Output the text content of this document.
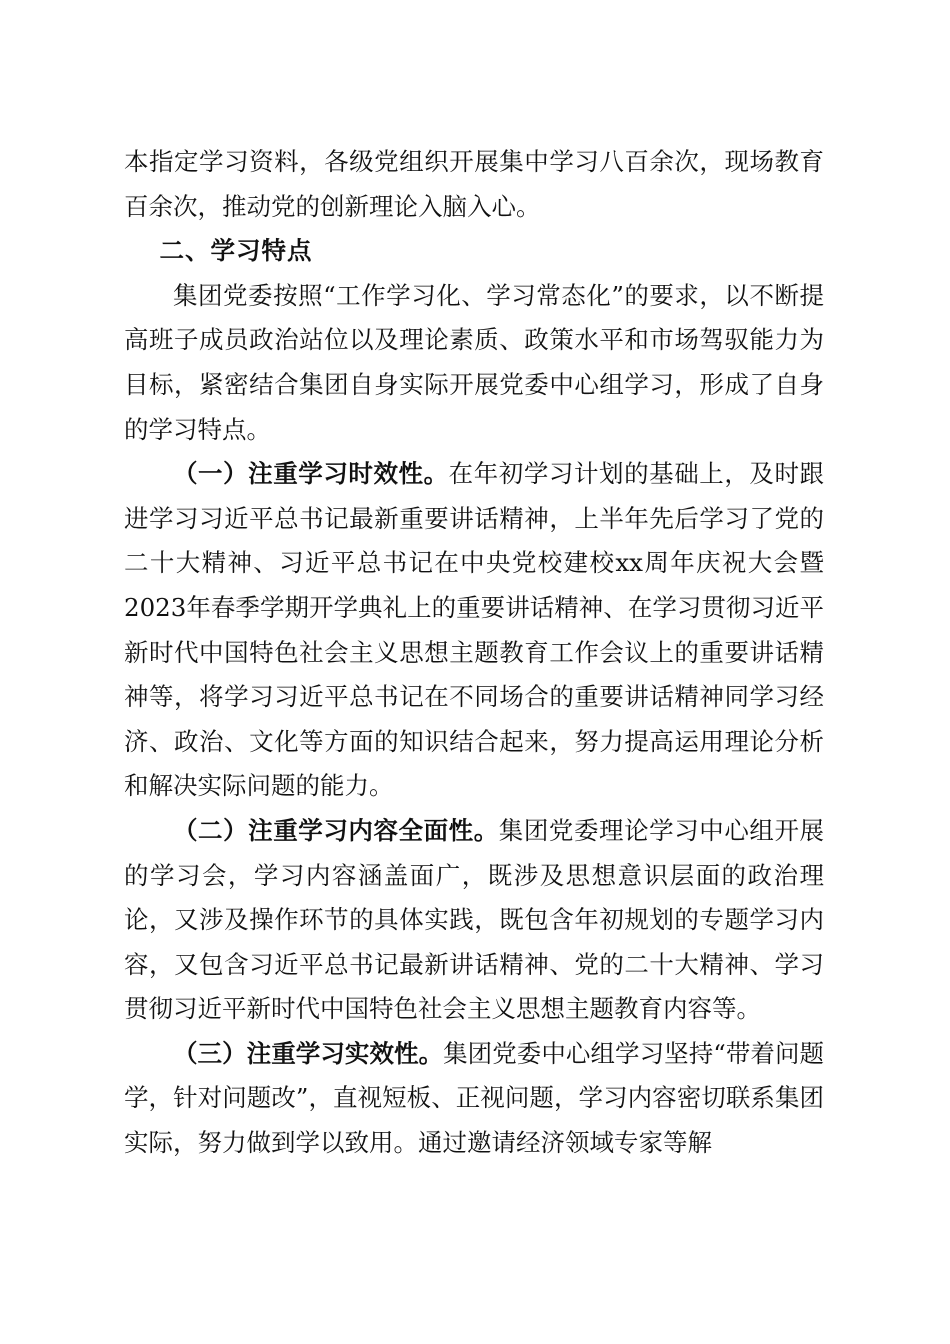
本指定学习资料，各级党组织开展集中学习八百余次，现场教育百余次，推动党的创新理论入脑入心。

二、学习特点

集团党委按照“工作学习化、学习常态化”的要求，以不断提高班子成员政治站位以及理论素质、政策水平和市场驾驭能力为目标，紧密结合集团自身实际开展党委中心组学习，形成了自身的学习特点。

（一）注重学习时效性。在年初学习计划的基础上，及时跟进学习习近平总书记最新重要讲话精神，上半年先后学习了党的二十大精神、习近平总书记在中央党校建校xx周年庆祝大会暨2023年春季学期开学典礼上的重要讲话精神、在学习贯彻习近平新时代中国特色社会主义思想主题教育工作会议上的重要讲话精神等，将学习习近平总书记在不同场合的重要讲话精神同学习经济、政治、文化等方面的知识结合起来，努力提高运用理论分析和解决实际问题的能力。

（二）注重学习内容全面性。集团党委理论学习中心组开展的学习会，学习内容涵盖面广，既涉及思想意识层面的政治理论，又涉及操作环节的具体实践，既包含年初规划的专题学习内容，又包含习近平总书记最新讲话精神、党的二十大精神、学习贯彻习近平新时代中国特色社会主义思想主题教育内容等。

（三）注重学习实效性。集团党委中心组学习坚持“带着问题学，针对问题改”，直视短板、正视问题，学习内容密切联系集团实际，努力做到学以致用。通过邀请经济领域专家等解
